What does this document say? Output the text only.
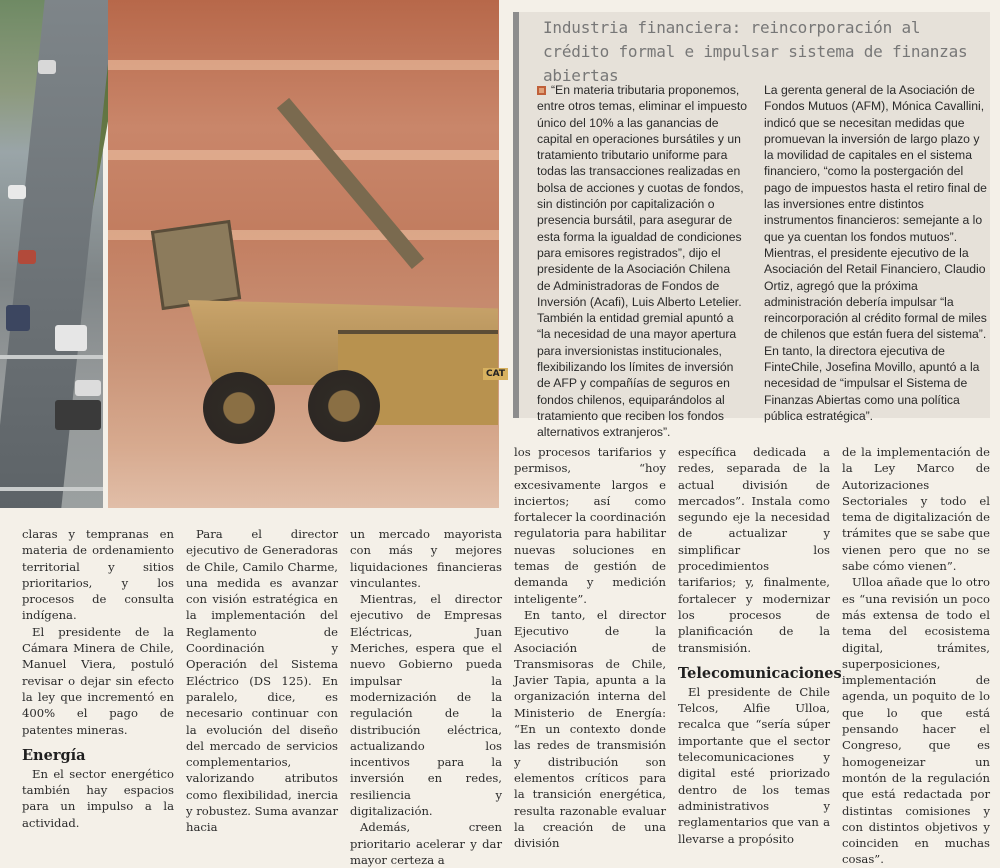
CAT
Industria financiera: reincorporación al crédito formal e impulsar sistema de finanzas abiertas
“En materia tributaria proponemos, entre otros temas, eliminar el impuesto único del 10% a las ganancias de capital en operaciones bursátiles y un tratamiento tributario uniforme para todas las transacciones realizadas en bolsa de acciones y cuotas de fondos, sin distinción por capitalización o presencia bursátil, para asegurar de esta forma la igualdad de condiciones para emisores registrados”, dijo el presidente de la Asociación Chilena de Administradoras de Fondos de Inversión (Acafi), Luis Alberto Letelier. También la entidad gremial apuntó a “la necesidad de una mayor apertura para inversionistas institucionales, flexibilizando los límites de inversión de AFP y compañías de seguros en fondos chilenos, equiparándolos al tratamiento que reciben los fondos alternativos extranjeros”.
La gerenta general de la Asociación de Fondos Mutuos (AFM), Mónica Cavallini, indicó que se necesitan medidas que promuevan la inversión de largo plazo y la movilidad de capitales en el sistema financiero, “como la postergación del pago de impuestos hasta el retiro final de las inversiones entre distintos instrumentos financieros: semejante a lo que ya cuentan los fondos mutuos”. Mientras, el presidente ejecutivo de la Asociación del Retail Financiero, Claudio Ortiz, agregó que la próxima administración debería impulsar “la reincorporación al crédito formal de miles de chilenos que están fuera del sistema”. En tanto, la directora ejecutiva de FinteChile, Josefina Movillo, apuntó a la necesidad de “impulsar el Sistema de Finanzas Abiertas como una política pública estratégica”.

claras y tempranas en materia de ordenamiento territorial y sitios prioritarios, y los procesos de consulta indígena.

El presidente de la Cámara Minera de Chile, Manuel Viera, postuló revisar o dejar sin efecto la ley que incrementó en 400% el pago de patentes mineras.

Energía

En el sector energético también hay espacios para un impulso a la actividad.

Para el director ejecutivo de Generadoras de Chile, Camilo Charme, una medida es avanzar con visión estratégica en la implementación del Reglamento de Coordinación y Operación del Sistema Eléctrico (DS 125). En paralelo, dice, es necesario continuar con la evolución del diseño del mercado de servicios complementarios, valorizando atributos como flexibilidad, inercia y robustez. Suma avanzar hacia

un mercado mayorista con más y mejores liquidaciones financieras vinculantes.

Mientras, el director ejecutivo de Empresas Eléctricas, Juan Meriches, espera que el nuevo Gobierno pueda impulsar la modernización de la regulación de la distribución eléctrica, actualizando los incentivos para la inversión en redes, resiliencia y digitalización.

Además, creen prioritario acelerar y dar mayor certeza a

los procesos tarifarios y permisos, “hoy excesivamente largos e inciertos; así como fortalecer la coordinación regulatoria para habilitar nuevas soluciones en temas de gestión de demanda y medición inteligente”.

En tanto, el director Ejecutivo de la Asociación de Transmisoras de Chile, Javier Tapia, apunta a la organización interna del Ministerio de Energía: “En un contexto donde las redes de transmisión y distribución son elementos críticos para la transición energética, resulta razonable evaluar la creación de una división

específica dedicada a redes, separada de la actual división de mercados”. Instala como segundo eje la necesidad de actualizar y simplificar los procedimientos tarifarios; y, finalmente, fortalecer y modernizar los procesos de planificación de la transmisión.

Telecomunicaciones

El presidente de Chile Telcos, Alfie Ulloa, recalca que “sería súper importante que el sector telecomunicaciones y digital esté priorizado dentro de los temas administrativos y reglamentarios que van a llevarse a propósito

de la implementación de la Ley Marco de Autorizaciones Sectoriales y todo el tema de digitalización de trámites que se sabe que vienen pero que no se sabe cómo vienen”.

Ulloa añade que lo otro es “una revisión un poco más extensa de todo el tema del ecosistema digital, trámites, superposiciones, implementación de agenda, un poquito de lo que lo que está pensando hacer el Congreso, que es homogeneizar un montón de la regulación que está redactada por distintas comisiones y con distintos objetivos y coinciden en muchas cosas”.
